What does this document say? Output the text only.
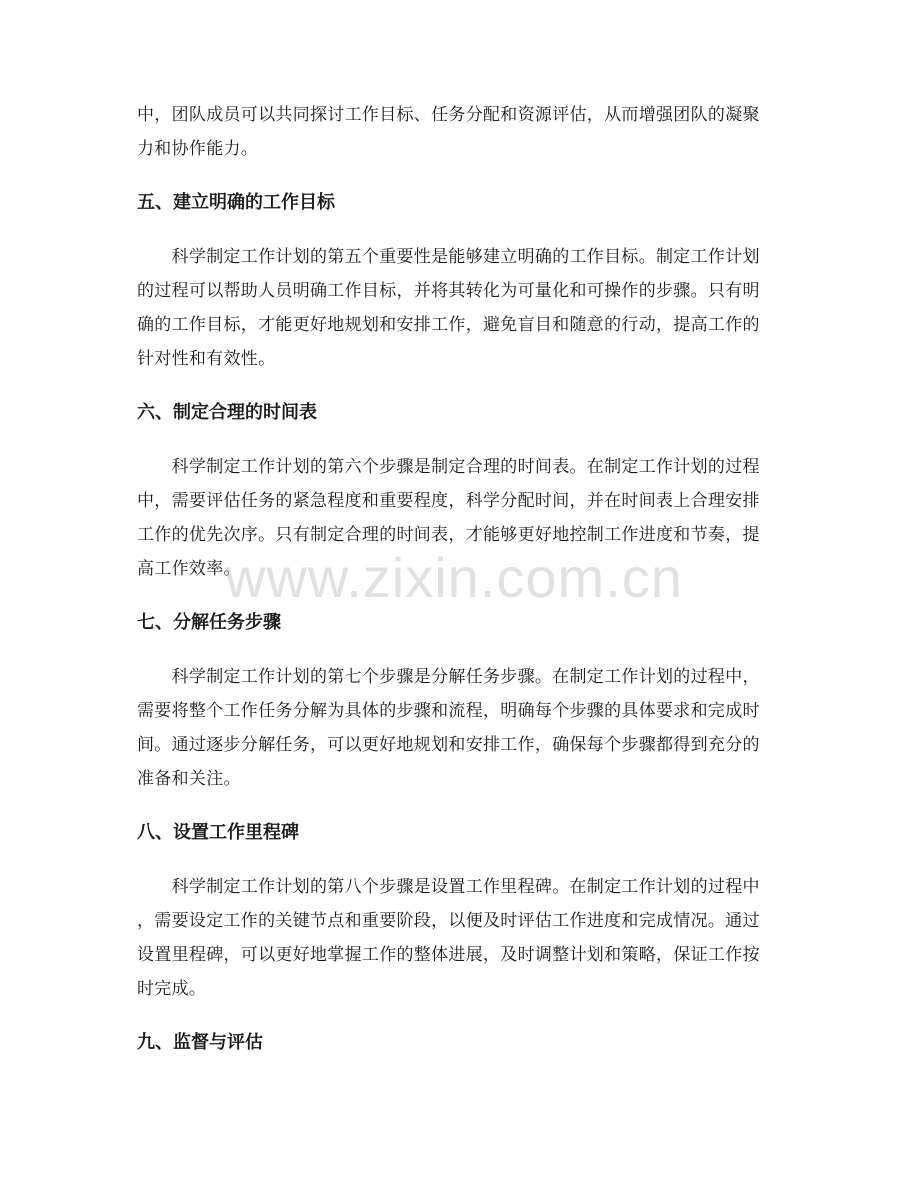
中，团队成员可以共同探讨工作目标、任务分配和资源评估，从而增强团队的凝聚
力和协作能力。
五、建立明确的工作目标
　　科学制定工作计划的第五个重要性是能够建立明确的工作目标。制定工作计划
的过程可以帮助人员明确工作目标，并将其转化为可量化和可操作的步骤。只有明
确的工作目标，才能更好地规划和安排工作，避免盲目和随意的行动，提高工作的
针对性和有效性。
六、制定合理的时间表
　　科学制定工作计划的第六个步骤是制定合理的时间表。在制定工作计划的过程
中，需要评估任务的紧急程度和重要程度，科学分配时间，并在时间表上合理安排
工作的优先次序。只有制定合理的时间表，才能够更好地控制工作进度和节奏，提
高工作效率。
七、分解任务步骤
　　科学制定工作计划的第七个步骤是分解任务步骤。在制定工作计划的过程中，
需要将整个工作任务分解为具体的步骤和流程，明确每个步骤的具体要求和完成时
间。通过逐步分解任务，可以更好地规划和安排工作，确保每个步骤都得到充分的
准备和关注。
八、设置工作里程碑
　　科学制定工作计划的第八个步骤是设置工作里程碑。在制定工作计划的过程中
，需要设定工作的关键节点和重要阶段，以便及时评估工作进度和完成情况。通过
设置里程碑，可以更好地掌握工作的整体进展，及时调整计划和策略，保证工作按
时完成。
九、监督与评估
www.zixin.com.cn
